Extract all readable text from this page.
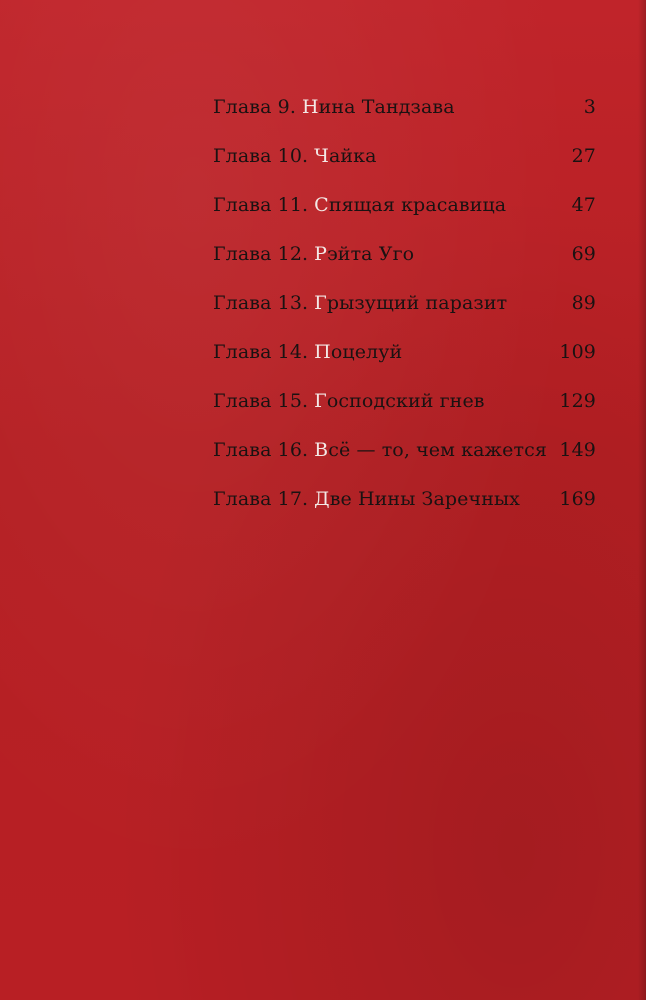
Глава 9. Нина Тандзава	3
Глава 10. Чайка	27
Глава 11. Спящая красавица	47
Глава 12. Рэйта Уго	69
Глава 13. Грызущий паразит	89
Глава 14. Поцелуй	109
Глава 15. Господский гнев	129
Глава 16. Всё — то, чем кажется 149
Глава 17. Две Нины Заречных 169
